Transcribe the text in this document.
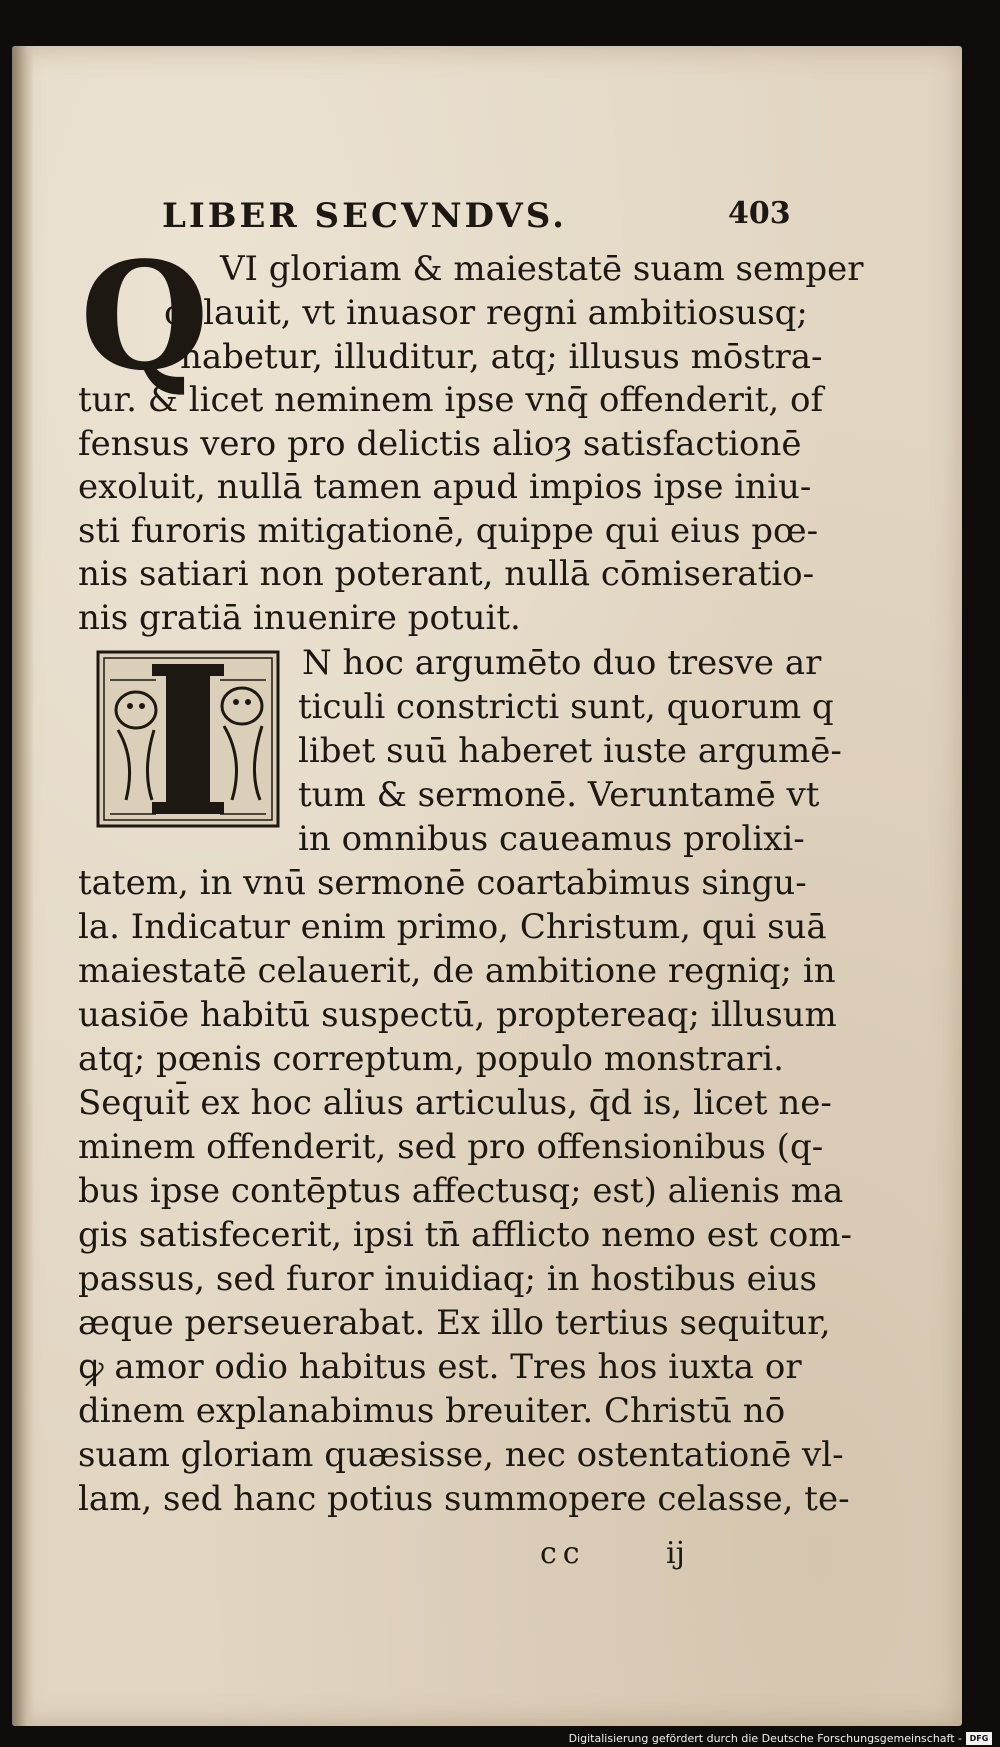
LIBER SECVNDVS.	403
Q VI gloriam & maiestatē suam semper
celauit, vt inuasor regni ambitiosusq;
habetur, illuditur, atq; illusus mōstra-
tur. & licet neminem ipse vnq̄ offenderit, of
fensus vero pro delictis alioȝ satisfactionē
exoluit, nullā tamen apud impios ipse iniu-
sti furoris mitigationē, quippe qui eius pœ-
nis satiari non poterant, nullā cōmiseratio-
nis gratiā inuenire potuit.
N hoc argumēto duo tresve ar
ticuli constricti sunt, quorum q
libet suū haberet iuste argumē-
tum & sermonē. Veruntamē vt
in omnibus caueamus prolixi-
tatem, in vnū sermonē coartabimus singu-
la. Indicatur enim primo, Christum, qui suā
maiestatē celauerit, de ambitione regniq; in
uasiōe habitū suspectū, proptereaq; illusum
atq; pœnis correptum, populo monstrari.
Sequit̄ ex hoc alius articulus, q̄d is, licet ne-
minem offenderit, sed pro offensionibus (q-
bus ipse contēptus affectusq; est) alienis ma
gis satisfecerit, ipsi tn̄ afflicto nemo est com-
passus, sed furor inuidiaq; in hostibus eius
æque perseuerabat. Ex illo tertius sequitur,
ꝙ amor odio habitus est. Tres hos iuxta or
dinem explanabimus breuiter. Christū nō
suam gloriam quæsisse, nec ostentationē vl-
lam, sed hanc potius summopere celasse, te-
cc	ij
Digitalisierung gefördert durch die Deutsche Forschungsgemeinschaft - DFG
